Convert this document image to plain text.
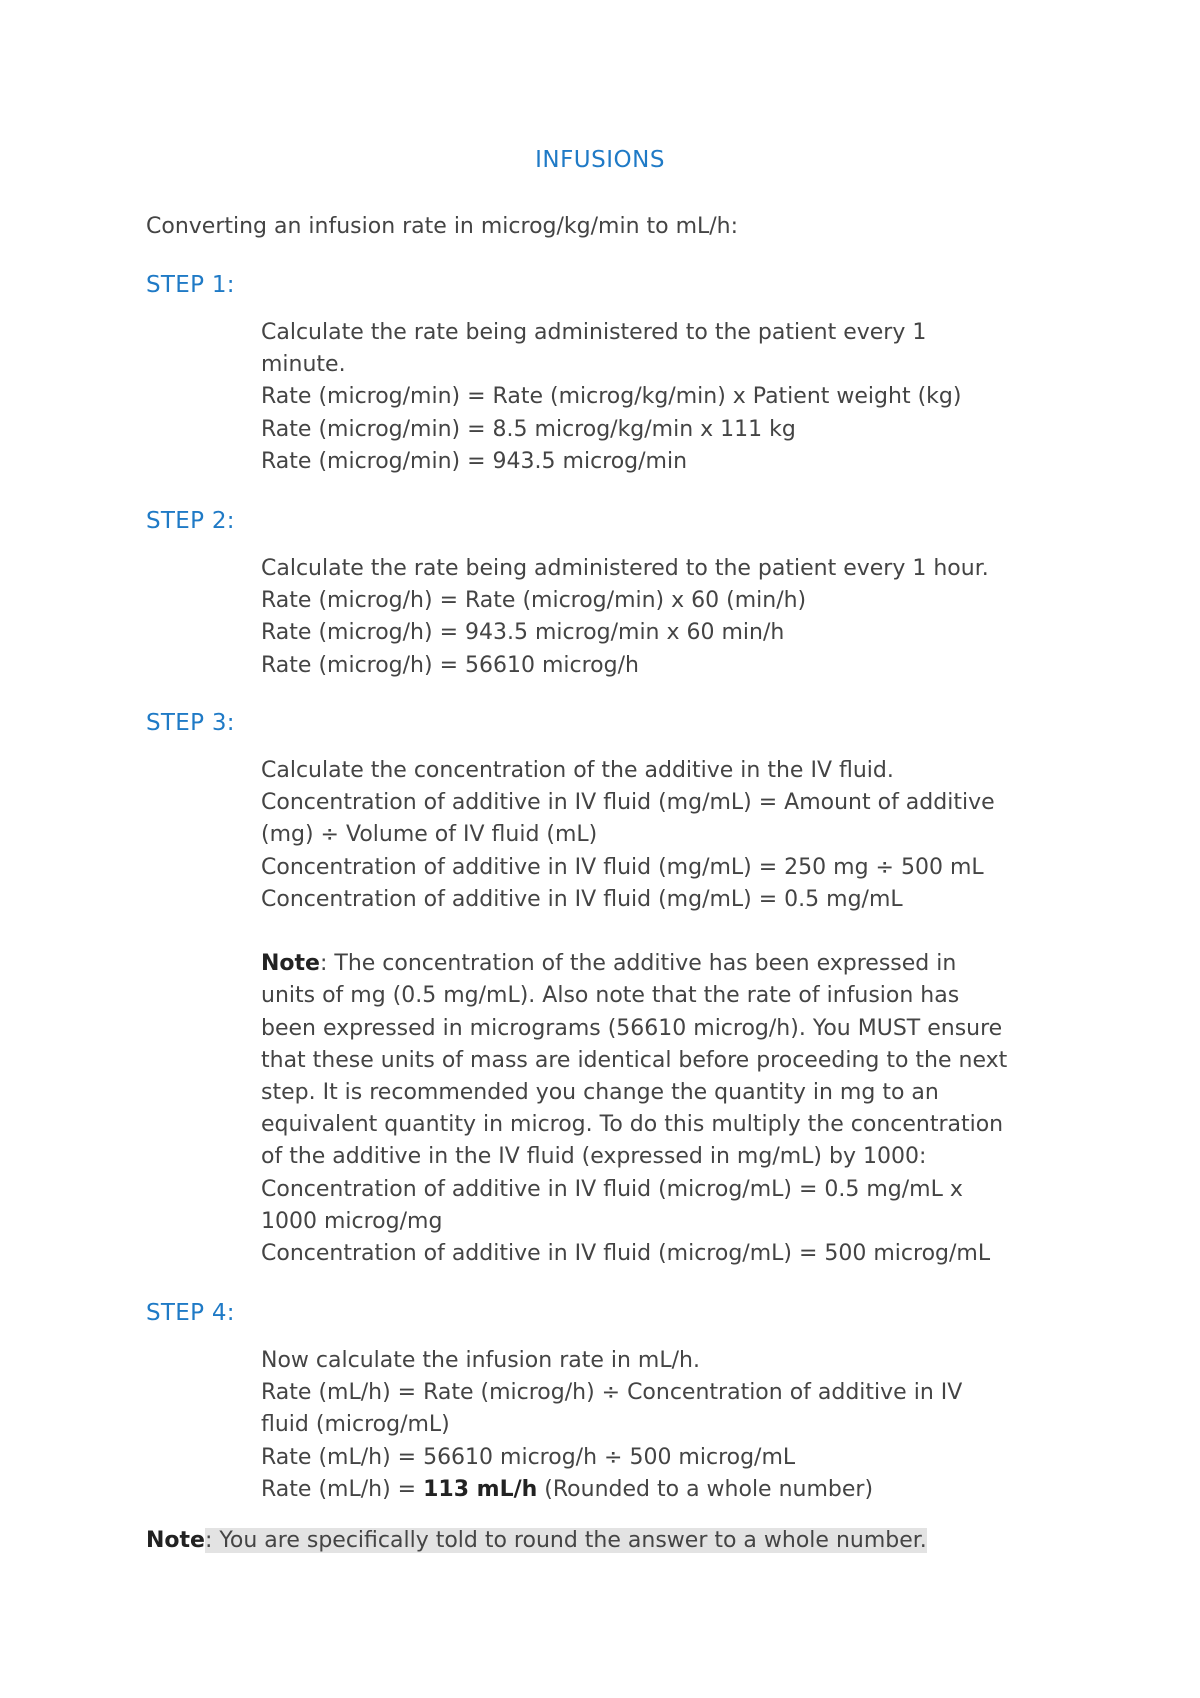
INFUSIONS
Converting an infusion rate in microg/kg/min to mL/h:
STEP 1:
Calculate the rate being administered to the patient every 1
minute.
Rate (microg/min) = Rate (microg/kg/min) x Patient weight (kg)
Rate (microg/min) = 8.5 microg/kg/min x 111 kg
Rate (microg/min) = 943.5 microg/min
STEP 2:
Calculate the rate being administered to the patient every 1 hour.
Rate (microg/h) = Rate (microg/min) x 60 (min/h)
Rate (microg/h) = 943.5 microg/min x 60 min/h
Rate (microg/h) = 56610 microg/h
STEP 3:
Calculate the concentration of the additive in the IV fluid.
Concentration of additive in IV fluid (mg/mL) = Amount of additive
(mg) ÷ Volume of IV fluid (mL)
Concentration of additive in IV fluid (mg/mL) = 250 mg ÷ 500 mL
Concentration of additive in IV fluid (mg/mL) = 0.5 mg/mL
Note: The concentration of the additive has been expressed in
units of mg (0.5 mg/mL). Also note that the rate of infusion has
been expressed in micrograms (56610 microg/h). You MUST ensure
that these units of mass are identical before proceeding to the next
step. It is recommended you change the quantity in mg to an
equivalent quantity in microg. To do this multiply the concentration
of the additive in the IV fluid (expressed in mg/mL) by 1000:
Concentration of additive in IV fluid (microg/mL) = 0.5 mg/mL x
1000 microg/mg
Concentration of additive in IV fluid (microg/mL) = 500 microg/mL
STEP 4:
Now calculate the infusion rate in mL/h.
Rate (mL/h) = Rate (microg/h) ÷ Concentration of additive in IV
fluid (microg/mL)
Rate (mL/h) = 56610 microg/h ÷ 500 microg/mL
Rate (mL/h) = 113 mL/h (Rounded to a whole number)
Note: You are specifically told to round the answer to a whole number.
